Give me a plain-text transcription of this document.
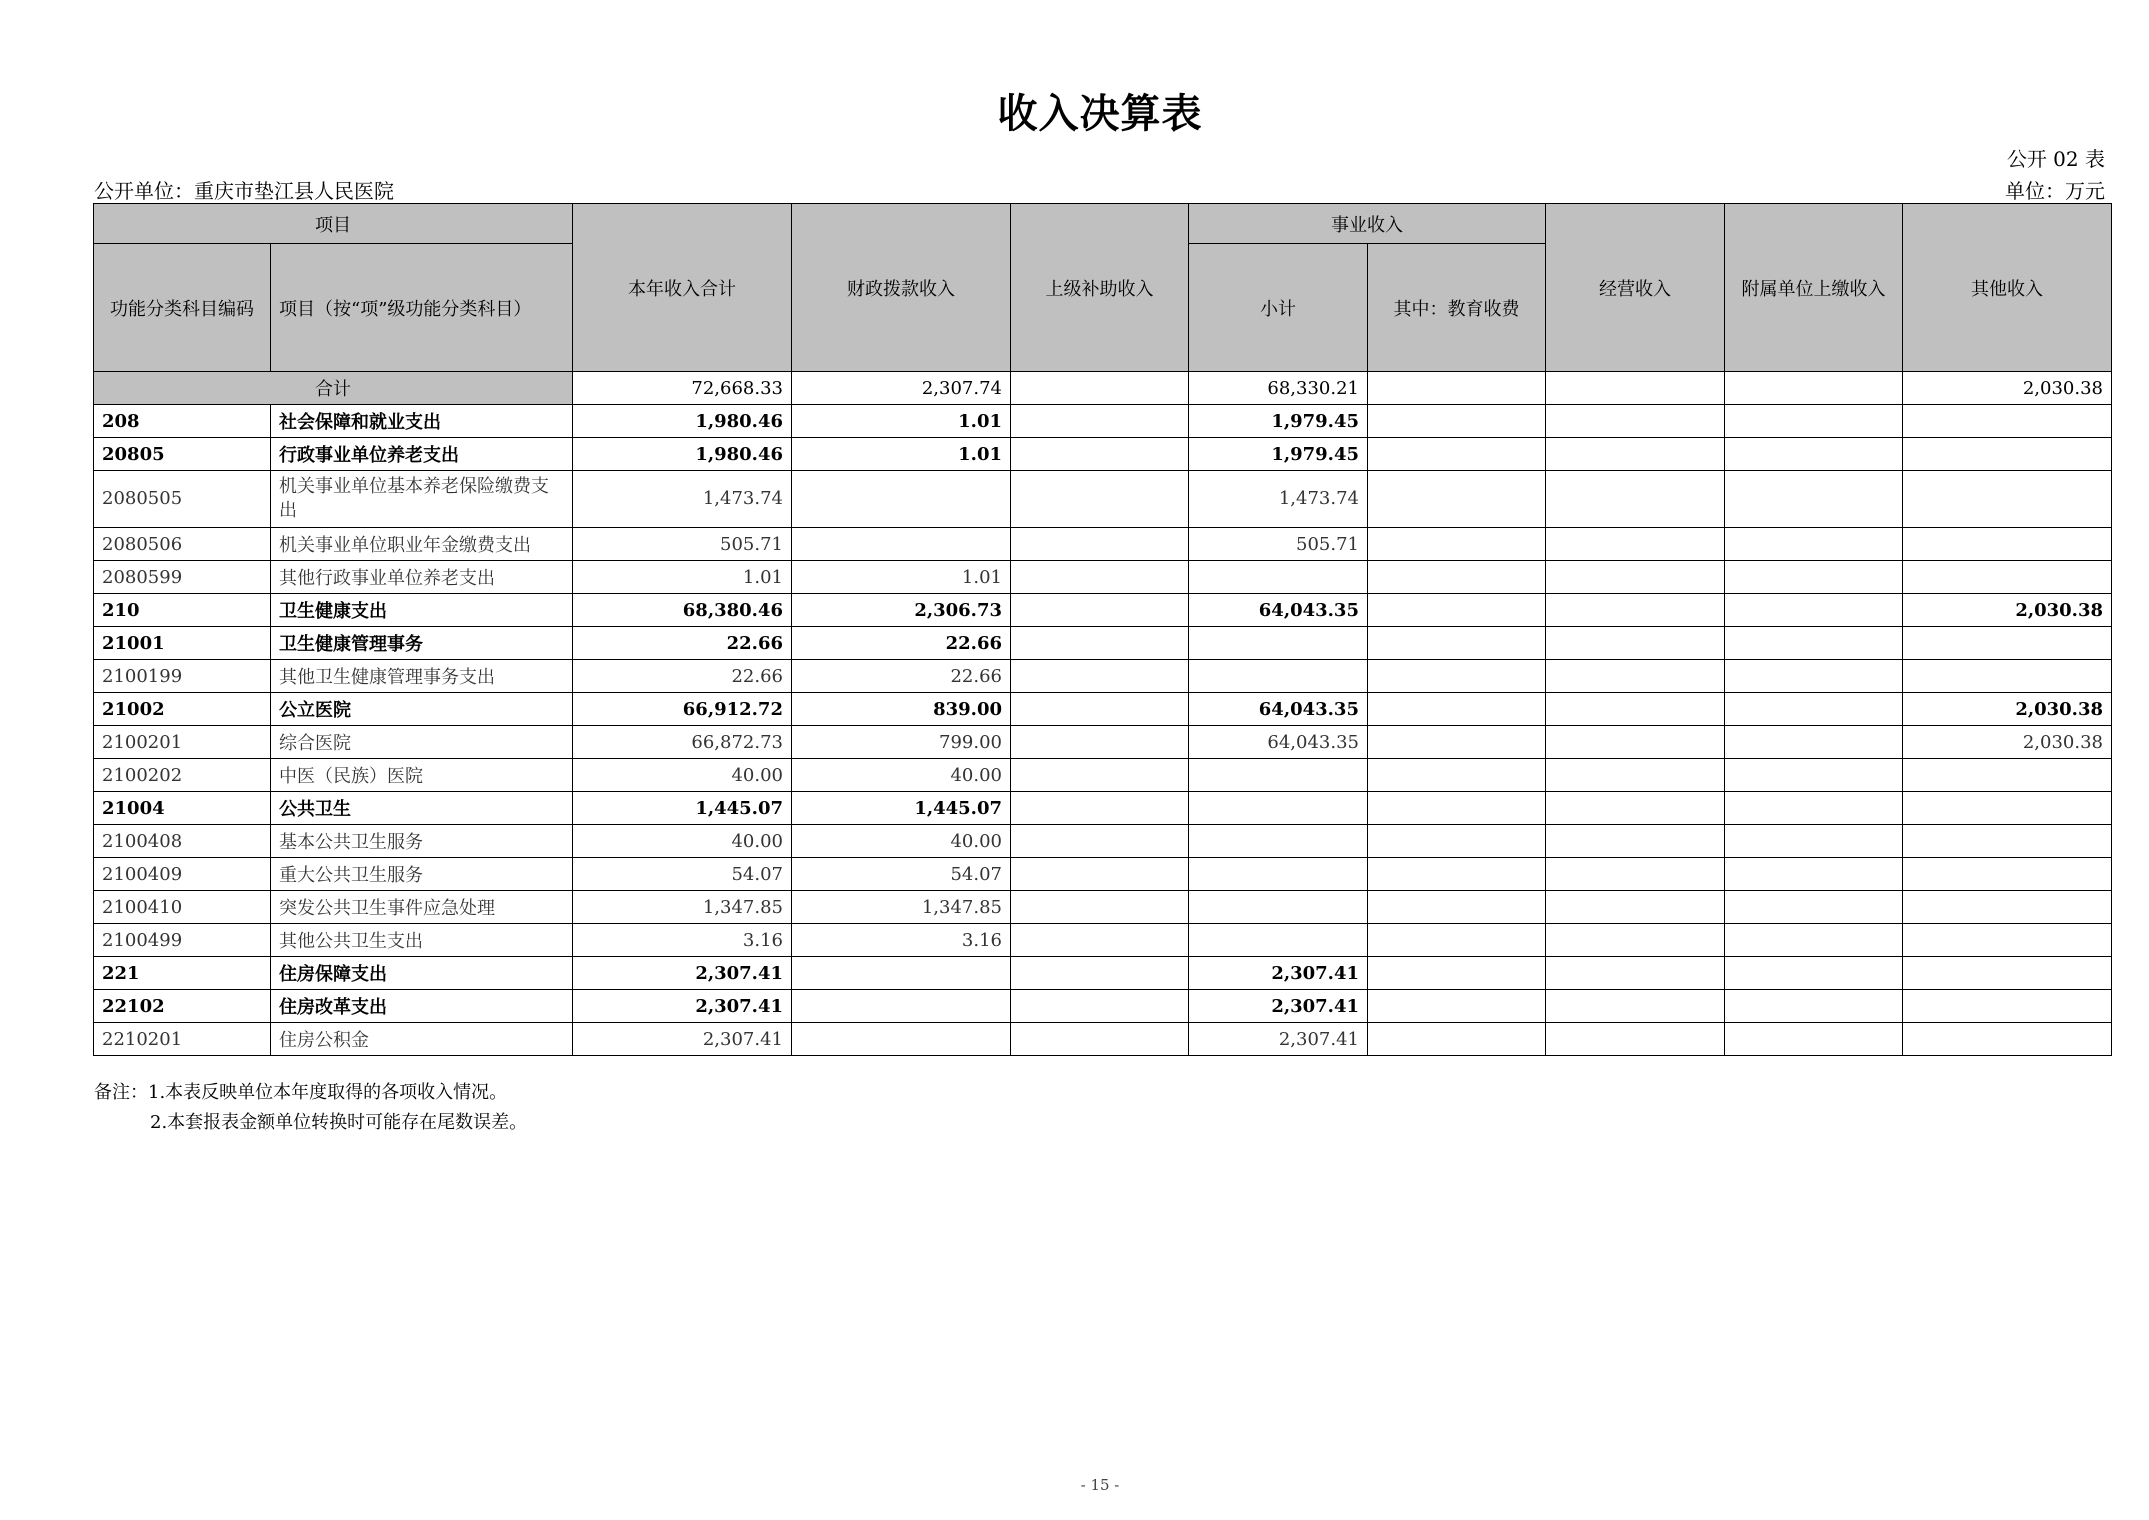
收入决算表
公开 02 表
公开单位：重庆市垫江县人民医院	单位：万元
项目		本年收入合计	财政拨款收入	上级补助收入	事业收入		经营收入	附属单位上缴收入	其他收入
功能分类科目编码	项目（按“项”级功能分类科目）				小计	其中：教育收费			
合计		72,668.33	2,307.74		68,330.21				2,030.38
208	社会保障和就业支出	1,980.46	1.01		1,979.45				
20805	行政事业单位养老支出	1,980.46	1.01		1,979.45				
2080505	机关事业单位基本养老保险缴费支出	1,473.74			1,473.74				
2080506	机关事业单位职业年金缴费支出	505.71			505.71				
2080599	其他行政事业单位养老支出	1.01	1.01						
210	卫生健康支出	68,380.46	2,306.73		64,043.35				2,030.38
21001	卫生健康管理事务	22.66	22.66						
2100199	其他卫生健康管理事务支出	22.66	22.66						
21002	公立医院	66,912.72	839.00		64,043.35				2,030.38
2100201	综合医院	66,872.73	799.00		64,043.35				2,030.38
2100202	中医（民族）医院	40.00	40.00						
21004	公共卫生	1,445.07	1,445.07						
2100408	基本公共卫生服务	40.00	40.00						
2100409	重大公共卫生服务	54.07	54.07						
2100410	突发公共卫生事件应急处理	1,347.85	1,347.85						
2100499	其他公共卫生支出	3.16	3.16						
221	住房保障支出	2,307.41			2,307.41				
22102	住房改革支出	2,307.41			2,307.41				
2210201	住房公积金	2,307.41			2,307.41				
备注：1.本表反映单位本年度取得的各项收入情况。
2.本套报表金额单位转换时可能存在尾数误差。
- 15 -
